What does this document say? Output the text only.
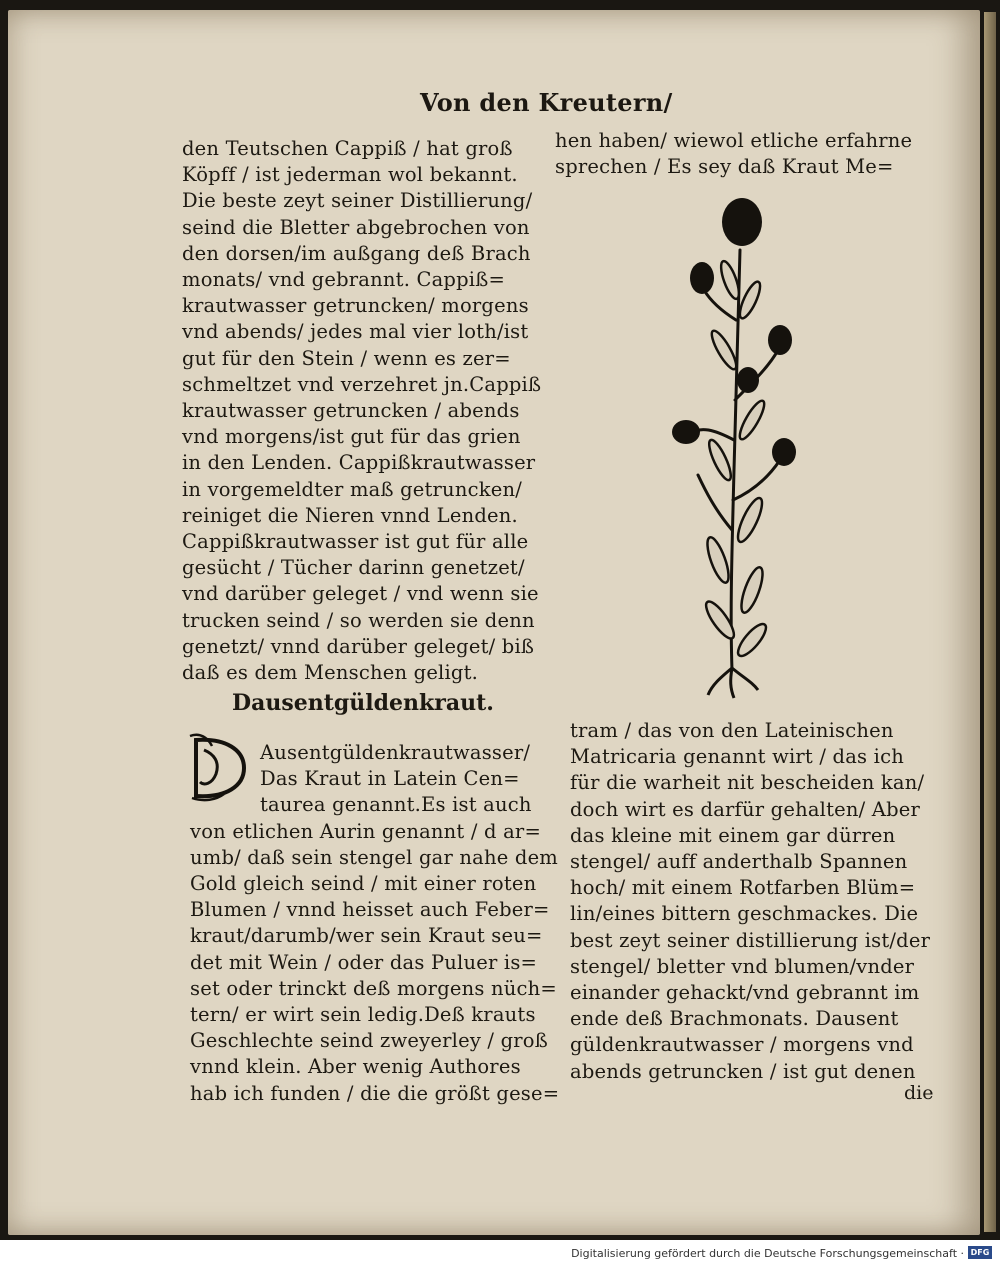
Von den Kreutern/
den Teutschen Cappiß / hat groß
Köpff / ist jederman wol bekannt.
Die beste zeyt seiner Distillierung/
seind die Bletter abgebrochen von
den dorsen/im außgang deß Brach
monats/ vnd gebrannt. Cappiß=
krautwasser getruncken/ morgens
vnd abends/ jedes mal vier loth/ist
gut für den Stein / wenn es zer=
schmeltzet vnd verzehret jn.Cappiß
krautwasser getruncken / abends
vnd morgens/ist gut für das grien
in den Lenden. Cappißkrautwasser
in vorgemeldter maß getruncken/
reiniget die Nieren vnnd Lenden.
Cappißkrautwasser ist gut für alle
gesücht / Tücher darinn genetzet/
vnd darüber geleget / vnd wenn sie
trucken seind / so werden sie denn
genetzt/ vnnd darüber geleget/ biß
daß es dem Menschen geligt.
hen haben/ wiewol etliche erfahrne
sprechen / Es sey daß Kraut Me=
Dausentgüldenkraut.
Ausentgüldenkrautwasser/
Das Kraut in Latein Cen=
taurea genannt.Es ist auch
von etlichen Aurin genannt / d ar=
umb/ daß sein stengel gar nahe dem
Gold gleich seind / mit einer roten
Blumen / vnnd heisset auch Feber=
kraut/darumb/wer sein Kraut seu=
det mit Wein / oder das Puluer is=
set oder trinckt deß morgens nüch=
tern/ er wirt sein ledig.Deß krauts
Geschlechte seind zweyerley / groß
vnnd klein. Aber wenig Authores
hab ich funden / die die größt gese=
tram / das von den Lateinischen
Matricaria genannt wirt / das ich
für die warheit nit bescheiden kan/
doch wirt es darfür gehalten/ Aber
das kleine mit einem gar dürren
stengel/ auff anderthalb Spannen
hoch/ mit einem Rotfarben Blüm=
lin/eines bittern geschmackes. Die
best zeyt seiner distillierung ist/der
stengel/ bletter vnd blumen/vnder
einander gehackt/vnd gebrannt im
ende deß Brachmonats. Dausent
güldenkrautwasser / morgens vnd
abends getruncken / ist gut denen
die
Digitalisierung gefördert durch die Deutsche Forschungsgemeinschaft · DFG
